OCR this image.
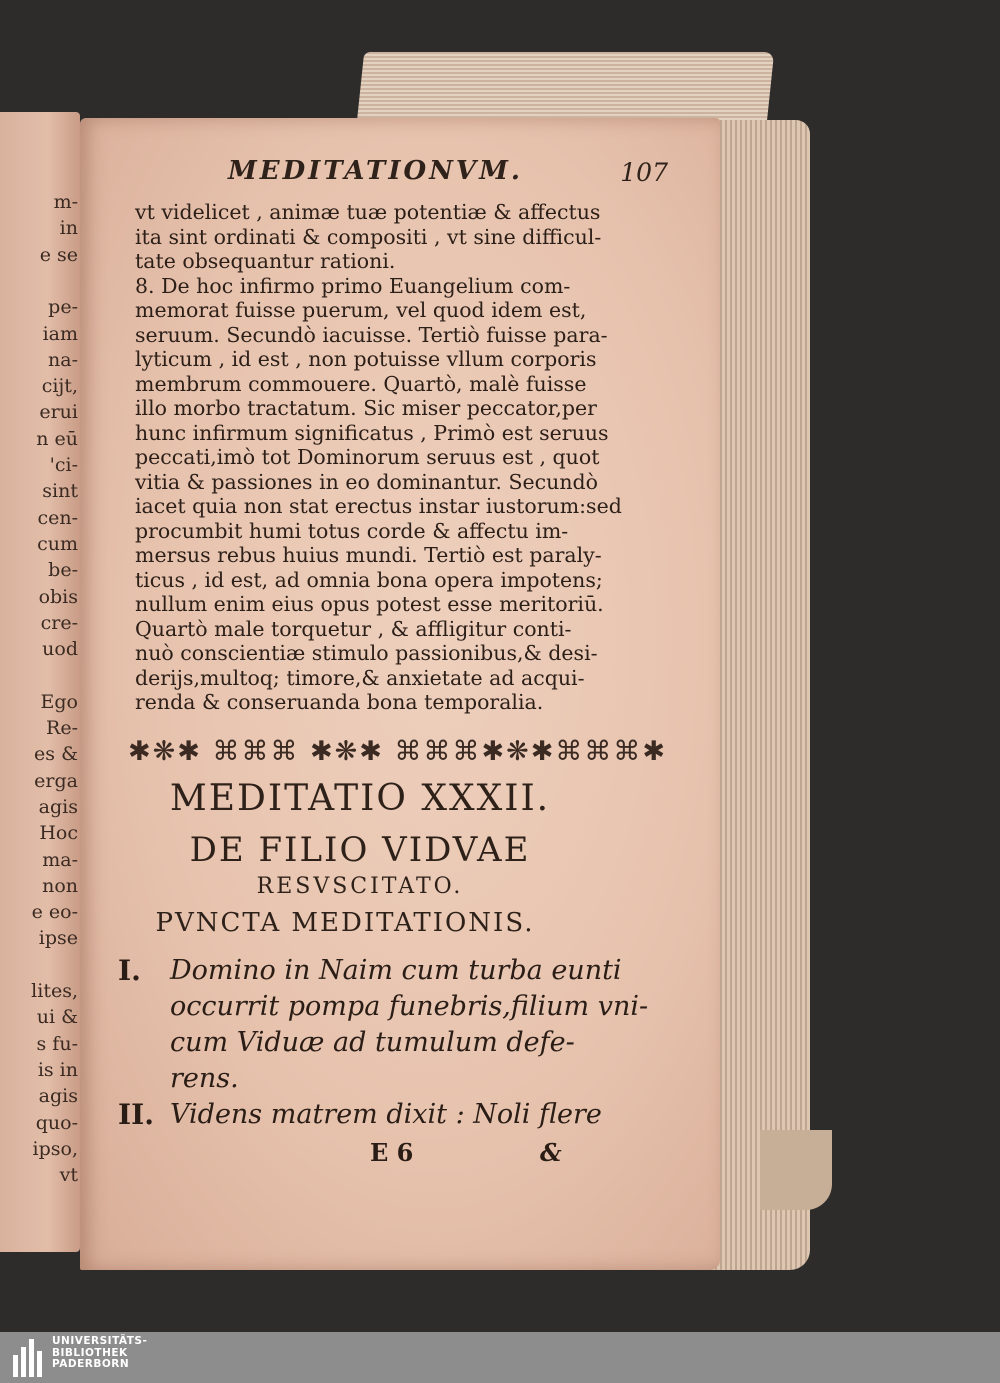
m-
in
e se
pe-
iam
na-
cijt,
erui
n eū
'ci-
sint
cen-
cum
be-
obis
cre-
uod
Ego
Re-
es &
erga
agis
Hoc
ma-
non
e eo-
ipse
lites,
ui &
s fu-
is in
agis
quo-
ipso,
vt
MEDITATIONVM.	107
vt videlicet , animæ tuæ potentiæ & affectus
ita sint ordinati & compositi , vt sine difficul-
tate obsequantur rationi.
8. De hoc infirmo primo Euangelium com-
memorat fuisse puerum, vel quod idem est,
seruum. Secundò iacuisse. Tertiò fuisse para-
lyticum , id est , non potuisse vllum corporis
membrum commouere. Quartò, malè fuisse
illo morbo tractatum. Sic miser peccator,per
hunc infirmum significatus , Primò est seruus
peccati,imò tot Dominorum seruus est , quot
vitia & passiones in eo dominantur. Secundò
iacet quia non stat erectus instar iustorum:sed
procumbit humi totus corde & affectu im-
mersus rebus huius mundi. Tertiò est paraly-
ticus , id est, ad omnia bona opera impotens;
nullum enim eius opus potest esse meritoriū.
Quartò male torquetur , & affligitur conti-
nuò conscientiæ stimulo passionibus,& desi-
derijs,multoq; timore,& anxietate ad acqui-
renda & conseruanda bona temporalia.
✱❋✱ ⌘⌘⌘ ✱❋✱ ⌘⌘⌘✱❋✱⌘⌘⌘✱
MEDITATIO XXXII.
DE FILIO VIDVAE
RESVSCITATO.
PVNCTA MEDITATIONIS.
I. Domino in Naim cum turba eunti
occurrit pompa funebris,filium vni-
cum Viduæ ad tumulum defe-
rens.
II. Videns matrem dixit : Noli flere
E 6	&
UNIVERSITÄTS-
BIBLIOTHEK
PADERBORN
